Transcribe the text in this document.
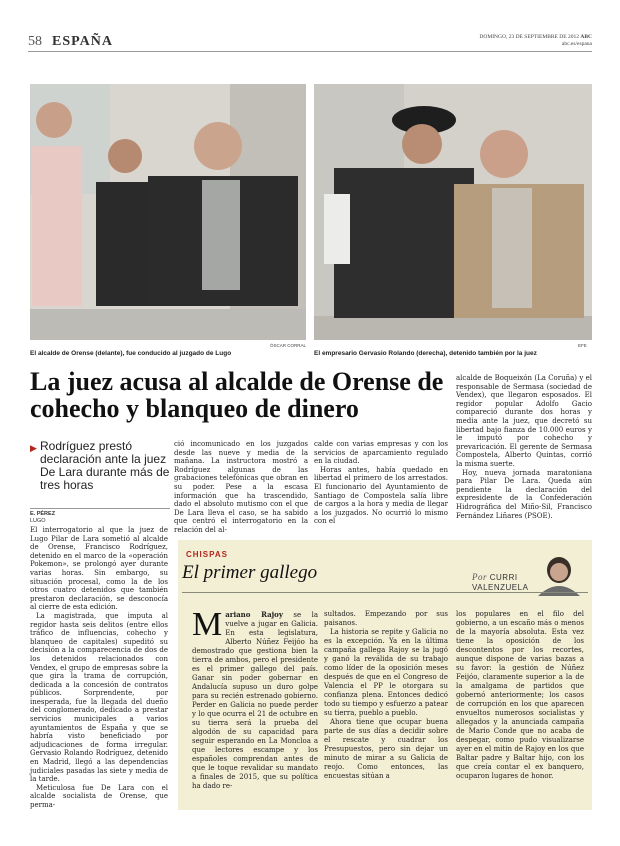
58 ESPAÑA	DOMINGO, 23 DE SEPTIEMBRE DE 2012 ABC
abc.es/espana
ÓSCAR CORRAL
El alcalde de Orense (delante), fue conducido al juzgado de Lugo
EFE
El empresario Gervasio Rolando (derecha), detenido también por la juez
La juez acusa al alcalde de Orense de cohecho y blanqueo de dinero
▶ Rodríguez prestó declaración ante la juez De Lara durante más de tres horas
E. PÉREZ
LUGO

El interrogatorio al que la juez de Lugo Pilar de Lara sometió al alcalde de Orense, Francisco Rodríguez, detenido en el marco de la «operación Pokemon», se prolongó ayer durante varias horas. Sin embargo, su situación procesal, como la de los otros cuatro detenidos que también prestaron declaración, se desconocía al cierre de esta edición.

La magistrada, que imputa al regidor hasta seis delitos (entre ellos tráfico de influencias, cohecho y blanqueo de capitales) supeditó su decisión a la comparecencia de dos de los detenidos relacionados con Vendex, el grupo de empresas sobre la que gira la trama de corrupción, dedicada a la concesión de contratos públicos. Sorprendente, por inesperada, fue la llegada del dueño del conglomerado, dedicado a prestar servicios municipales a varios ayuntamientos de España y que se habría visto beneficiado por adjudicaciones de forma irregular. Gervasio Rolando Rodríguez, detenido en Madrid, llegó a las dependencias judiciales pasadas las siete y media de la tarde.

Meticulosa fue De Lara con el alcalde socialista de Orense, que perma-

ció incomunicado en los juzgados desde las nueve y media de la mañana. La instructora mostró a Rodríguez algunas de las grabaciones telefónicas que obran en su poder. Pese a la escasa información que ha trascendido, dado el absoluto mutismo con el que De Lara lleva el caso, se ha sabido que centró el interrogatorio en la relación del al-

calde con varias empresas y con los servicios de aparcamiento regulado en la ciudad.

Horas antes, había quedado en libertad el primero de los arrestados. El funcionario del Ayuntamiento de Santiago de Compostela salía libre de cargos a la hora y media de llegar a los juzgados. No ocurrió lo mismo con el

alcalde de Boqueixón (La Coruña) y el responsable de Sermasa (sociedad de Vendex), que llegaron esposados. El regidor popular Adolfo Gacio compareció durante dos horas y media ante la juez, que decretó su libertad bajo fianza de 10.000 euros y le imputó por cohecho y prevaricación. El gerente de Sermasa Compostela, Alberto Quintas, corrió la misma suerte.

Hoy, nueva jornada maratoniana para Pilar De Lara. Queda aún pendiente la declaración del expresidente de la Confederación Hidrográfica del Miño-Sil, Francisco Fernández Liñares (PSOE).

CHISPAS
El primer gallego	Por CURRI
VALENZUELA
M ariano Rajoy se la vuelve a jugar en Galicia. En esta legislatura, Alberto Núñez Feijóo ha demostrado que gestiona bien la tierra de ambos, pero el presidente es el primer gallego del país. Ganar sin poder gobernar en Andalucía supuso un duro golpe para su recién estrenado gobierno. Perder en Galicia no puede perder y lo que ocurra el 21 de octubre en su tierra será la prueba del algodón de su capacidad para seguir esperando en La Moncloa a que lectores escampe y los españoles comprendan antes de que le toque revalidar su mandato a finales de 2015, que su política ha dado re-

sultados. Empezando por sus paisanos.

La historia se repite y Galicia no es la excepción. Ya en la última campaña gallega Rajoy se la jugó y ganó la reválida de su trabajo como líder de la oposición meses después de que en el Congreso de Valencia el PP le otorgara su confianza plena. Entonces dedicó todo su tiempo y esfuerzo a patear su tierra, pueblo a pueblo.

Ahora tiene que ocupar buena parte de sus días a decidir sobre el rescate y cuadrar los Presupuestos, pero sin dejar un minuto de mirar a su Galicia de reojo. Como entonces, las encuestas sitúan a

los populares en el filo del gobierno, a un escaño más o menos de la mayoría absoluta. Esta vez tiene la oposición de los descontentos por los recortes, aunque dispone de varias bazas a su favor: la gestión de Núñez Feijóo, claramente superior a la de la amalgama de partidos que gobernó anteriormente; los casos de corrupción en los que aparecen envueltos numerosos socialistas y allegados y la anunciada campaña de Mario Conde que no acaba de despegar, como pudo visualizarse ayer en el mitin de Rajoy en los que Baltar padre y Baltar hijo, con los que creía contar el ex banquero, ocuparon lugares de honor.
